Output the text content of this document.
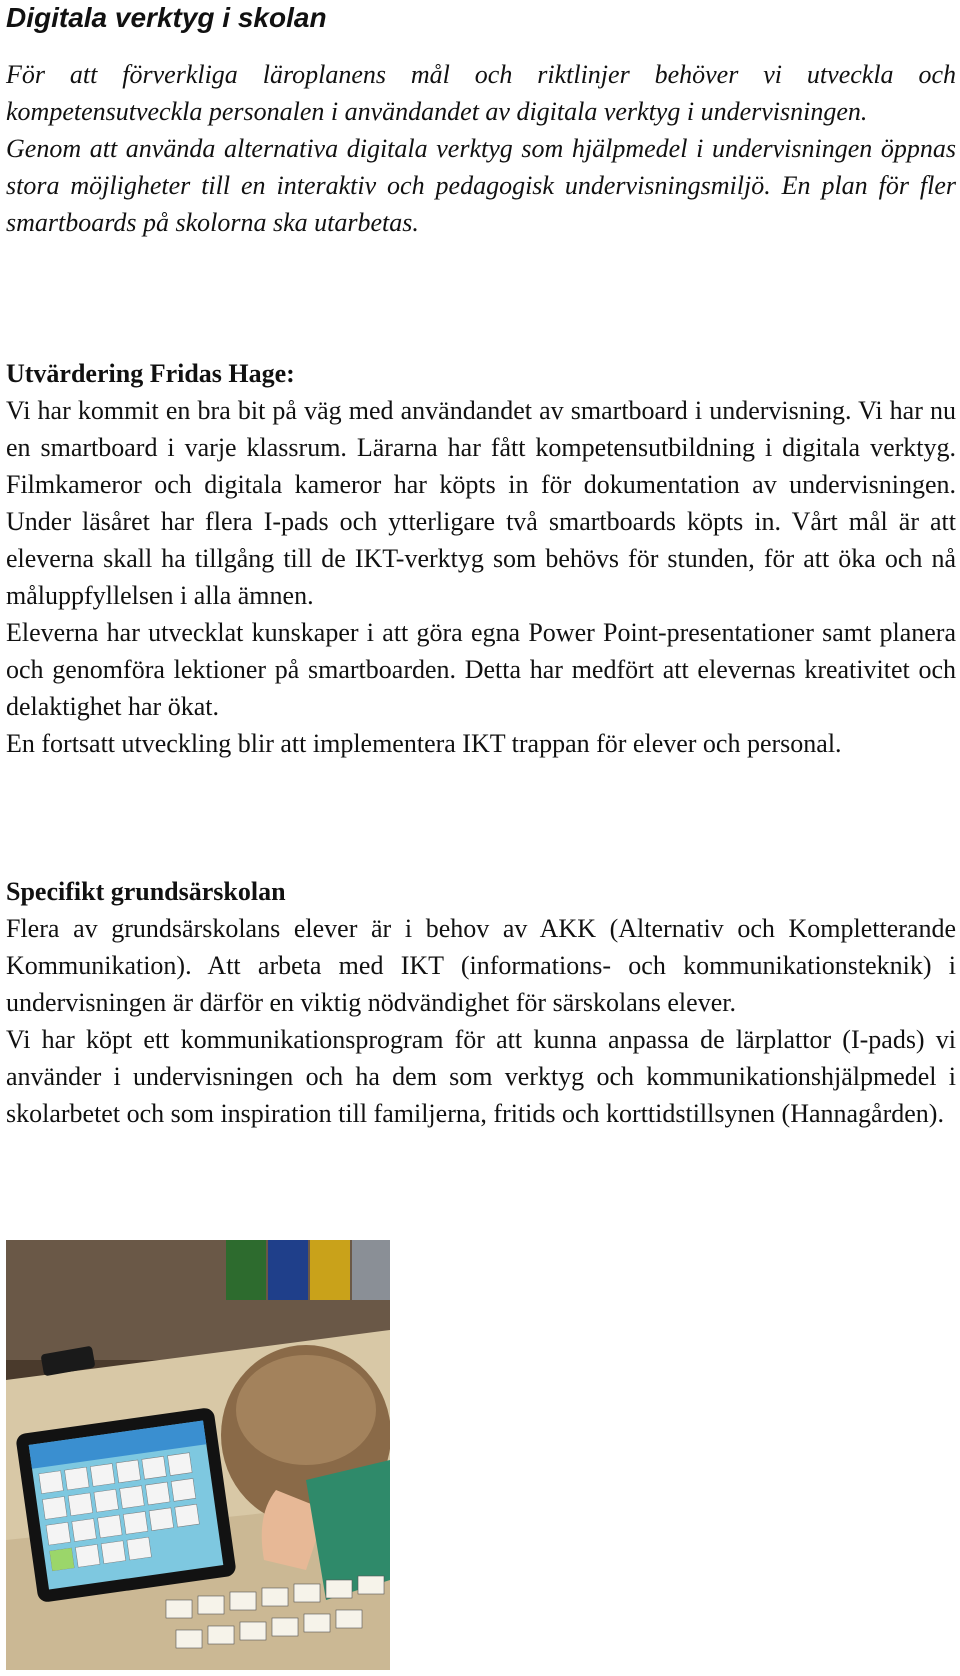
Digitala verktyg i skolan

För att förverkliga läroplanens mål och riktlinjer behöver vi utveckla och kompetensutveckla personalen i användandet av digitala verktyg i undervisningen.

Genom att använda alternativa digitala verktyg som hjälpmedel i undervisningen öppnas stora möjligheter till en interaktiv och pedagogisk undervisningsmiljö. En plan för fler smartboards på skolorna ska utarbetas.

Utvärdering Fridas Hage:

Vi har kommit en bra bit på väg med användandet av smartboard i undervisning. Vi har nu en smartboard i varje klassrum. Lärarna har fått kompetensutbildning i digitala verktyg. Filmkameror och digitala kameror har köpts in för dokumentation av undervisningen. Under läsåret har flera I-pads och ytterligare två smartboards köpts in. Vårt mål är att eleverna skall ha tillgång till de IKT-verktyg som behövs för stunden, för att öka och nå måluppfyllelsen i alla ämnen.

Eleverna har utvecklat kunskaper i att göra egna Power Point-presentationer samt planera och genomföra lektioner på smartboarden. Detta har medfört att elevernas kreativitet och delaktighet har ökat.

En fortsatt utveckling blir att implementera IKT trappan för elever och personal.

Specifikt grundsärskolan

Flera av grundsärskolans elever är i behov av AKK (Alternativ och Kompletterande Kommunikation). Att arbeta med IKT (informations- och kommunikationsteknik) i undervisningen är därför en viktig nödvändighet för särskolans elever.

Vi har köpt ett kommunikationsprogram för att kunna anpassa de lärplattor (I-pads) vi använder i undervisningen och ha dem som verktyg och kommunikationshjälpmedel i skolarbetet och som inspiration till familjerna, fritids och korttidstillsynen (Hannagården).
